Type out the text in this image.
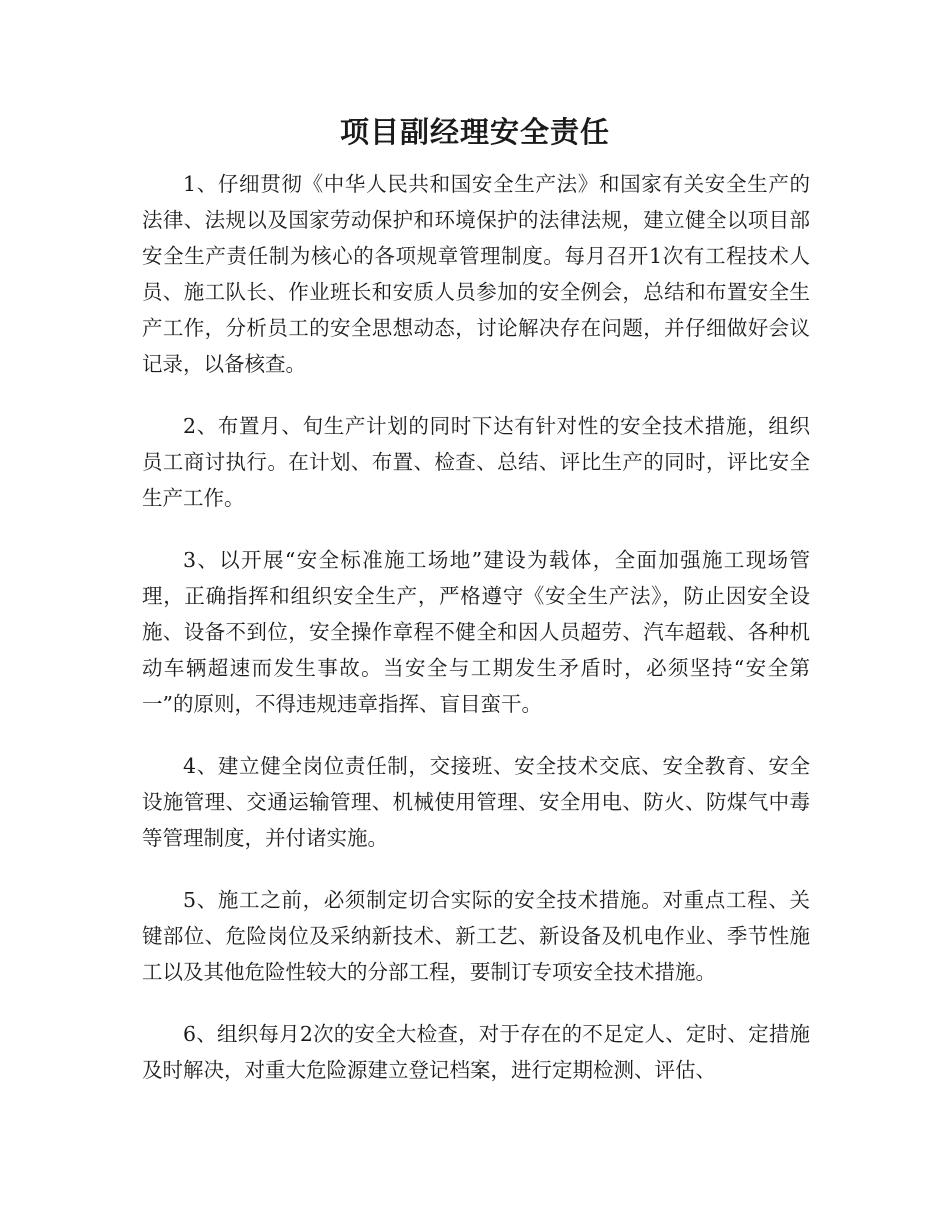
项目副经理安全责任

1、仔细贯彻《中华人民共和国安全生产法》和国家有关安全生产的法律、法规以及国家劳动保护和环境保护的法律法规，建立健全以项目部安全生产责任制为核心的各项规章管理制度。每月召开1次有工程技术人员、施工队长、作业班长和安质人员参加的安全例会，总结和布置安全生产工作，分析员工的安全思想动态，讨论解决存在问题，并仔细做好会议记录，以备核查。

2、布置月、旬生产计划的同时下达有针对性的安全技术措施，组织员工商讨执行。在计划、布置、检查、总结、评比生产的同时，评比安全生产工作。

3、以开展“安全标准施工场地”建设为载体，全面加强施工现场管理，正确指挥和组织安全生产，严格遵守《安全生产法》，防止因安全设施、设备不到位，安全操作章程不健全和因人员超劳、汽车超载、各种机动车辆超速而发生事故。当安全与工期发生矛盾时，必须坚持“安全第一”的原则，不得违规违章指挥、盲目蛮干。

4、建立健全岗位责任制，交接班、安全技术交底、安全教育、安全设施管理、交通运输管理、机械使用管理、安全用电、防火、防煤气中毒等管理制度，并付诸实施。

5、施工之前，必须制定切合实际的安全技术措施。对重点工程、关键部位、危险岗位及采纳新技术、新工艺、新设备及机电作业、季节性施工以及其他危险性较大的分部工程，要制订专项安全技术措施。

6、组织每月2次的安全大检查，对于存在的不足定人、定时、定措施及时解决，对重大危险源建立登记档案，进行定期检测、评估、
